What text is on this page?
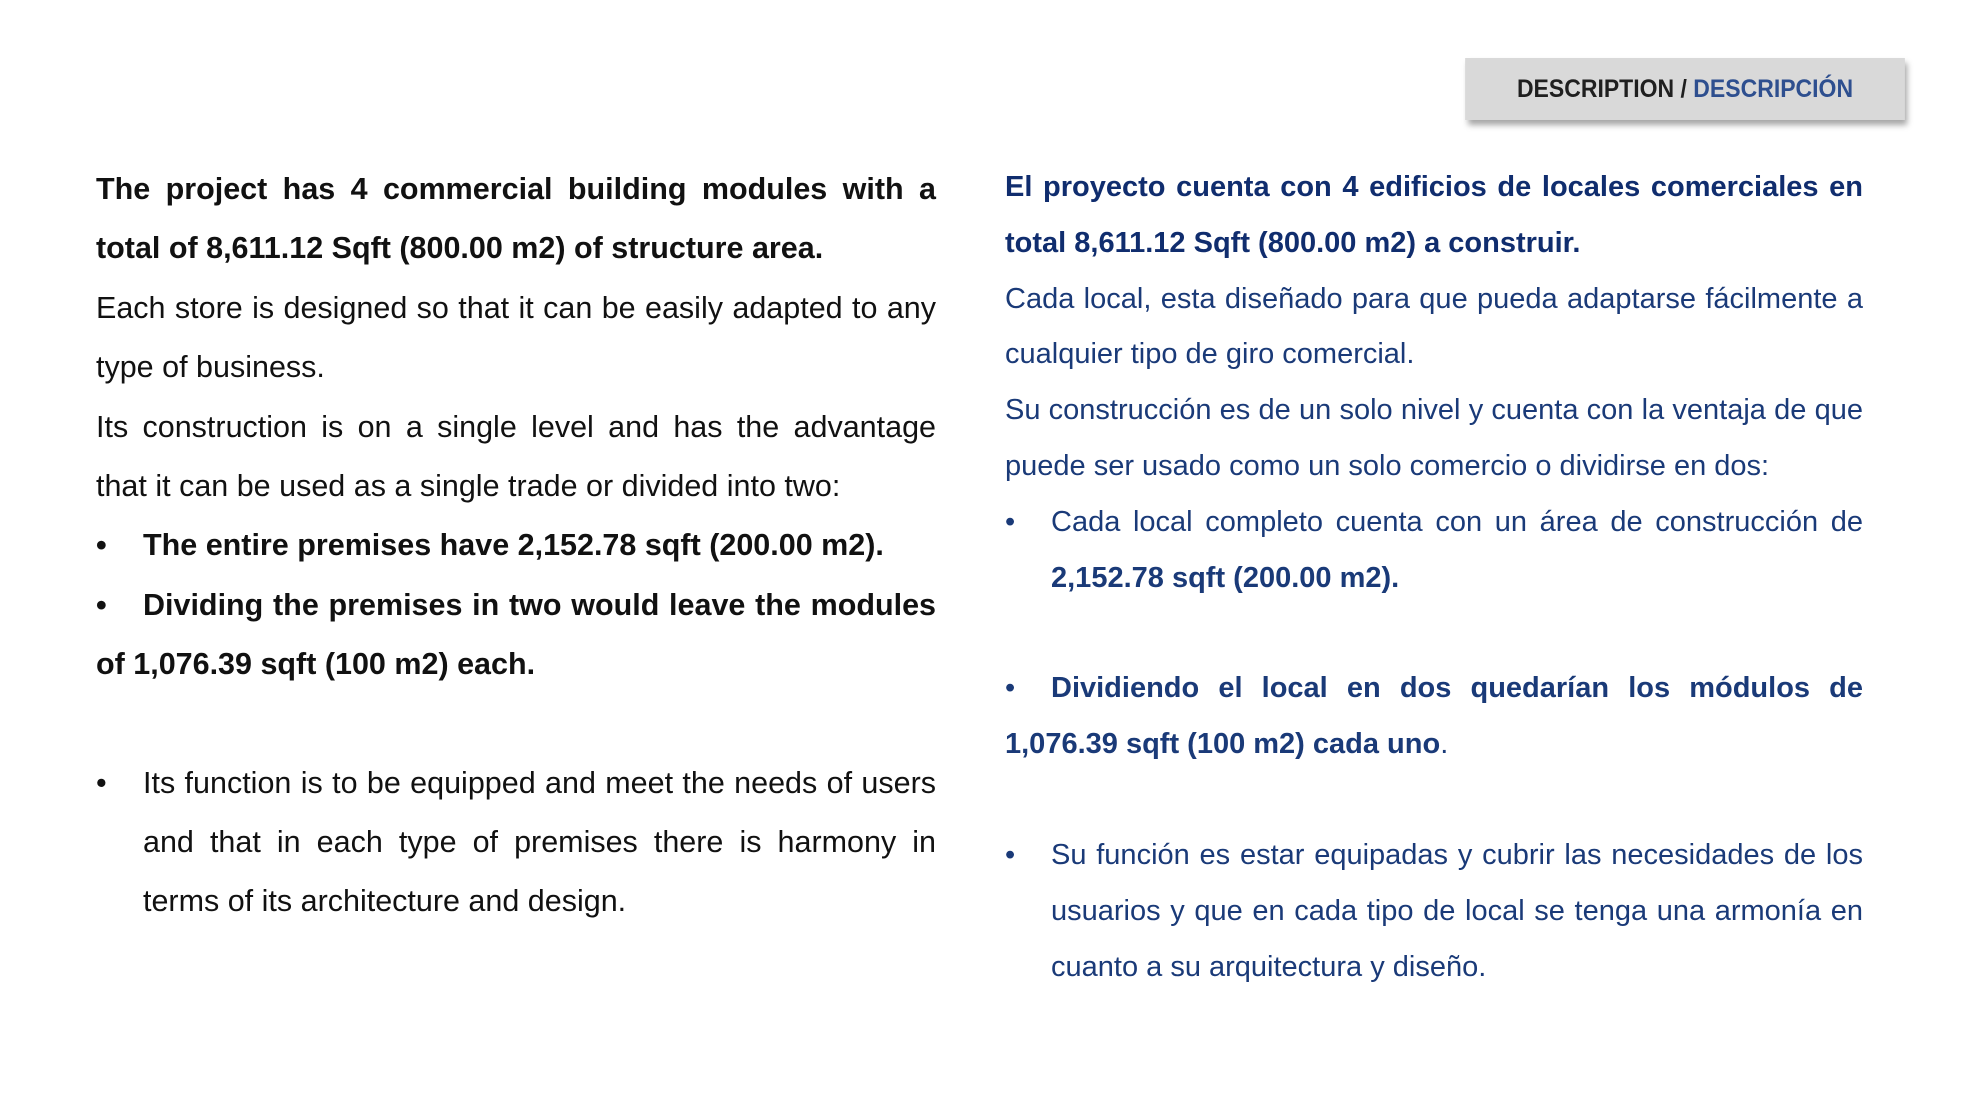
DESCRIPTION / DESCRIPCIÓN

The project has 4 commercial building modules with a total of 8,611.12 Sqft (800.00 m2) of structure area.

Each store is designed so that it can be easily adapted to any type of business.

Its construction is on a single level and has the advantage that it can be used as a single trade or divided into two:

• The entire premises have 2,152.78 sqft (200.00 m2).

• Dividing the premises in two would leave the modules of 1,076.39 sqft (100 m2) each.

• Its function is to be equipped and meet the needs of users and that in each type of premises there is harmony in terms of its architecture and design.

El proyecto cuenta con 4 edificios de locales comerciales en total 8,611.12 Sqft (800.00 m2) a construir.

Cada local, esta diseñado para que pueda adaptarse fácilmente a cualquier tipo de giro comercial.

Su construcción es de un solo nivel y cuenta con la ventaja de que puede ser usado como un solo comercio o dividirse en dos:

• Cada local completo cuenta con un área de construcción de 2,152.78 sqft (200.00 m2).

• Dividiendo el local en dos quedarían los módulos de 1,076.39 sqft (100 m2) cada uno.

• Su función es estar equipadas y cubrir las necesidades de los usuarios y que en cada tipo de local se tenga una armonía en cuanto a su arquitectura y diseño.
